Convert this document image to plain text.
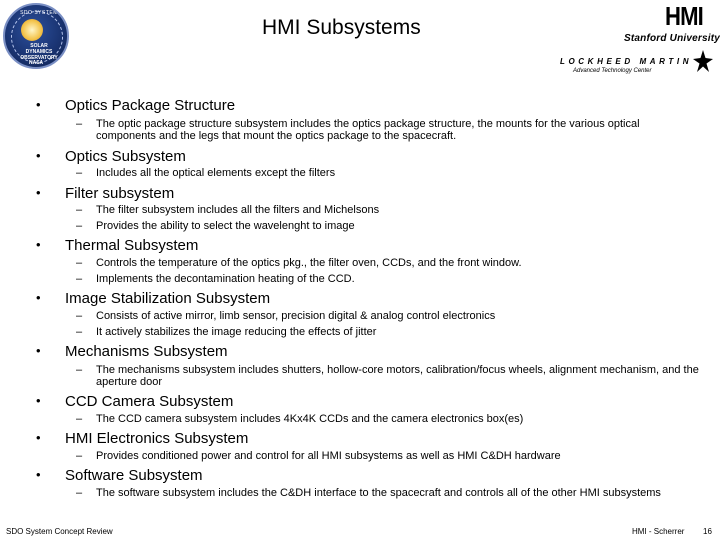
SDO SYSTEM
SOLAR DYNAMICS OBSERVATORY
NASA
HMI Subsystems	HMI
Stanford University
LOCKHEED MARTIN
Advanced Technology Center
• Optics Package Structure
– The optic package structure subsystem includes the optics package structure, the mounts for the various optical components and the legs that mount the optics package to the spacecraft.
• Optics Subsystem
– Includes all the optical elements except the filters
• Filter subsystem
– The filter subsystem includes all the filters and Michelsons
– Provides the ability to select the wavelenght to image
• Thermal Subsystem
– Controls the temperature of the optics pkg., the filter oven, CCDs, and the front window.
– Implements the decontamination heating of the CCD.
• Image Stabilization Subsystem
– Consists of active mirror, limb sensor, precision digital & analog control electronics
– It actively stabilizes the image reducing the effects of jitter
• Mechanisms Subsystem
– The mechanisms subsystem includes shutters, hollow-core motors, calibration/focus wheels, alignment mechanism, and the aperture door
• CCD Camera Subsystem
– The CCD camera subsystem includes 4Kx4K CCDs and the camera electronics box(es)
• HMI Electronics Subsystem
– Provides conditioned power and control for all HMI subsystems as well as HMI C&DH hardware
• Software Subsystem
– The software subsystem includes the C&DH interface to the spacecraft and controls all of the other HMI subsystems
SDO System Concept Review	HMI - Scherrer 16
